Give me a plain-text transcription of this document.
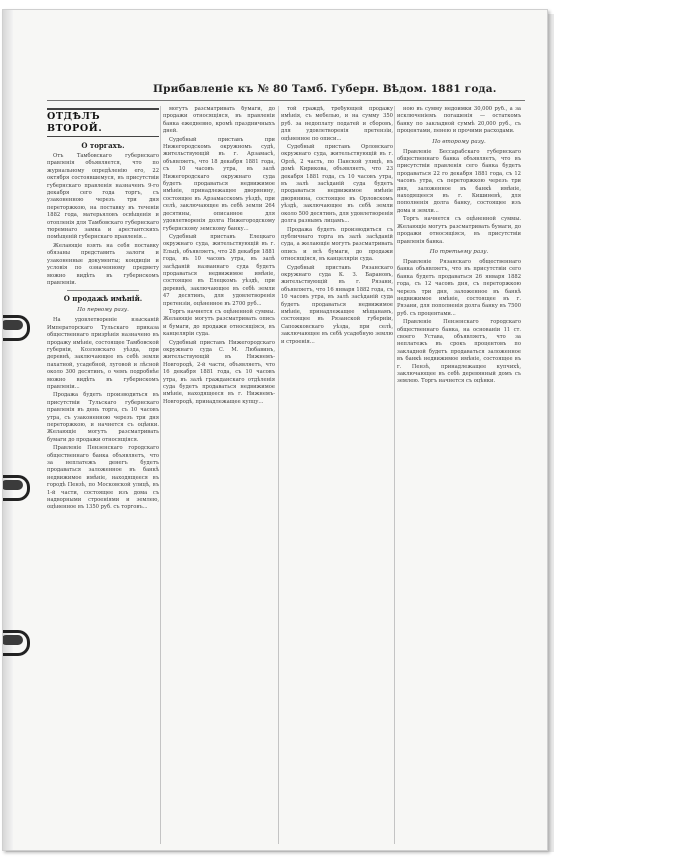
Прибавленіе къ № 80 Тамб. Губерн. Вѣдом. 1881 года.
ОТДѢЛЪ ВТОРОЙ.
О торгахъ.

Отъ Тамбовскаго губернскаго правленія объявляется, что по журнальному опредѣленію его, 22 октября состоявшемуся, въ присутствіи губернскаго правленія назначенъ 9-го декабря сего года торгъ, съ узаконенною черезъ три дня переторжкою, на поставку въ теченіи 1882 года, матерьяловъ освѣщенія и отопленія для Тамбовскаго губернскаго тюремнаго замка и арестантскихъ помѣщеній губернскаго правленія...

Желающіе взять на себя поставку обязаны представить залоги и узаконенные документы; кондиціи и условія по означенному предмету можно видѣть въ губернскомъ правленіи.

О продажѣ имѣній.
По первому разу.

На удовлетвореніе взысканій Императорскаго Тульскаго приказа общественнаго призрѣнія назначено въ продажу имѣніе, состоящее Тамбовской губерніи, Козловскаго уѣзда, при деревнѣ, заключающее въ себѣ земли пахатной, усадебной, луговой и лѣсной около 300 десятинъ, о чемъ подробнѣе можно видѣть въ губернскомъ правленіи...

Продажа будетъ производиться въ присутствіи Тульскаго губернскаго правленія въ день торга, съ 10 часовъ утра, съ узаконенною черезъ три дня переторжкою, и начнется съ оцѣнки. Желающіе могутъ разсматривать бумаги до продажи относящіяся.

Правленіе Пензенскаго городскаго общественнаго банка объявляетъ, что за неплатежъ денегъ будетъ продаваться заложенное въ банкѣ недвижимое имѣніе, находящееся въ городѣ Пензѣ, по Московской улицѣ, въ 1-й части, состоящее изъ дома съ надворными строеніями и землею, оцѣненное въ 1350 руб. съ торговъ...

могутъ разсматривать бумаги, до продажи относящіяся, въ правленіи банка ежедневно, кромѣ праздничныхъ дней.

Судебный приставъ при Нижегородскомъ окружномъ судѣ, жительствующій въ г. Арзамасѣ, объявляетъ, что 18 декабря 1881 года, съ 10 часовъ утра, въ залѣ Нижегородскаго окружнаго суда будетъ продаваться недвижимое имѣніе, принадлежащее дворянину, состоящее въ Арзамасскомъ уѣздѣ, при селѣ, заключающее въ себѣ земли 264 десятины, описанное для удовлетворенія долга Нижегородскому губернскому земскому банку...

Судебный приставъ Елецкаго окружнаго суда, жительствующій въ г. Ельцѣ, объявляетъ, что 28 декабря 1881 года, въ 10 часовъ утра, въ залѣ засѣданій названнаго суда будетъ продаваться недвижимое имѣніе, состоящее въ Елецкомъ уѣздѣ, при деревнѣ, заключающее въ себѣ земли 47 десятинъ, для удовлетворенія претензіи, оцѣненное въ 2700 руб...

Торгъ начнется съ оцѣненной суммы. Желающіе могутъ разсматривать опись и бумаги, до продажи относящіяся, въ канцеляріи суда.

Судебный приставъ Нижегородскаго окружнаго суда С. М. Любавинъ, жительствующій въ Нижнемъ-Новгородѣ, 2-й части, объявляетъ, что 16 декабря 1881 года, съ 10 часовъ утра, въ залѣ гражданскаго отдѣленія суда будетъ продаваться недвижимое имѣніе, находящееся въ г. Нижнемъ-Новгородѣ, принадлежащее купцу...

той граждѣ, требующей продажу имѣнія, съ мебелью, и на сумму 350 руб. за недоплату податей и сборовъ, для удовлетворенія претензіи, оцѣненное по описи...

Судебный приставъ Орловскаго окружнаго суда, жительствующій въ г. Орлѣ, 2 часть, по Панской улицѣ, въ домѣ Кирикова, объявляетъ, что 23 декабря 1881 года, съ 10 часовъ утра, въ залѣ засѣданій суда будетъ продаваться недвижимое имѣніе дворянина, состоящее въ Орловскомъ уѣздѣ, заключающее въ себѣ земли около 500 десятинъ, для удовлетворенія долга разнымъ лицамъ...

Продажа будетъ производиться съ публичнаго торга въ залѣ засѣданій суда, а желающіе могутъ разсматривать опись и всѣ бумаги, до продажи относящіяся, въ канцеляріи суда.

Судебный приставъ Рязанскаго окружнаго суда К. З. Барановъ, жительствующій въ г. Рязани, объявляетъ, что 16 января 1882 года, съ 10 часовъ утра, въ залѣ засѣданій суда будетъ продаваться недвижимое имѣніе, принадлежащее мѣщанамъ, состоящее въ Рязанской губерніи, Сапожковскаго уѣзда, при селѣ, заключающее въ себѣ усадебную землю и строенія...

ною въ сумму недоимки 30,000 руб., а за исключеніемъ погашенія — остаткомъ банку по закладной суммѣ 20,000 руб., съ процентами, пенею и прочими расходами.

По второму разу.

Правленіе Бессарабскаго губернскаго общественнаго банка объявляетъ, что въ присутствіи правленія сего банка будетъ продаваться 22 го декабря 1881 года, съ 12 часовъ утра, съ переторжкою черезъ три дня, заложенное въ банкѣ имѣніе, находящееся въ г. Кишиневѣ, для пополненія долга банку, состоящее изъ дома и земли...

Торгъ начнется съ оцѣненной суммы. Желающіе могутъ разсматривать бумаги, до продажи относящіяся, въ присутствіи правленія банка.

По третьему разу.

Правленіе Рязанскаго общественнаго банка объявляетъ, что въ присутствіи сего банка будетъ продаваться 26 января 1882 года, съ 12 часовъ дня, съ переторжкою черезъ три дня, заложенное въ банкѣ недвижимое имѣніе, состоящее въ г. Рязани, для пополненія долга банку въ 7500 руб. съ процентами...

Правленіе Пензенскаго городскаго общественнаго банка, на основаніи 11 ст. своего Устава, объявляетъ, что за неплатежъ въ срокъ процентовъ по закладной будетъ продаваться заложенное въ банкѣ недвижимое имѣніе, состоящее въ г. Пензѣ, принадлежащее купчихѣ, заключающее въ себѣ деревянный домъ съ землею. Торгъ начнется съ оцѣнки.
